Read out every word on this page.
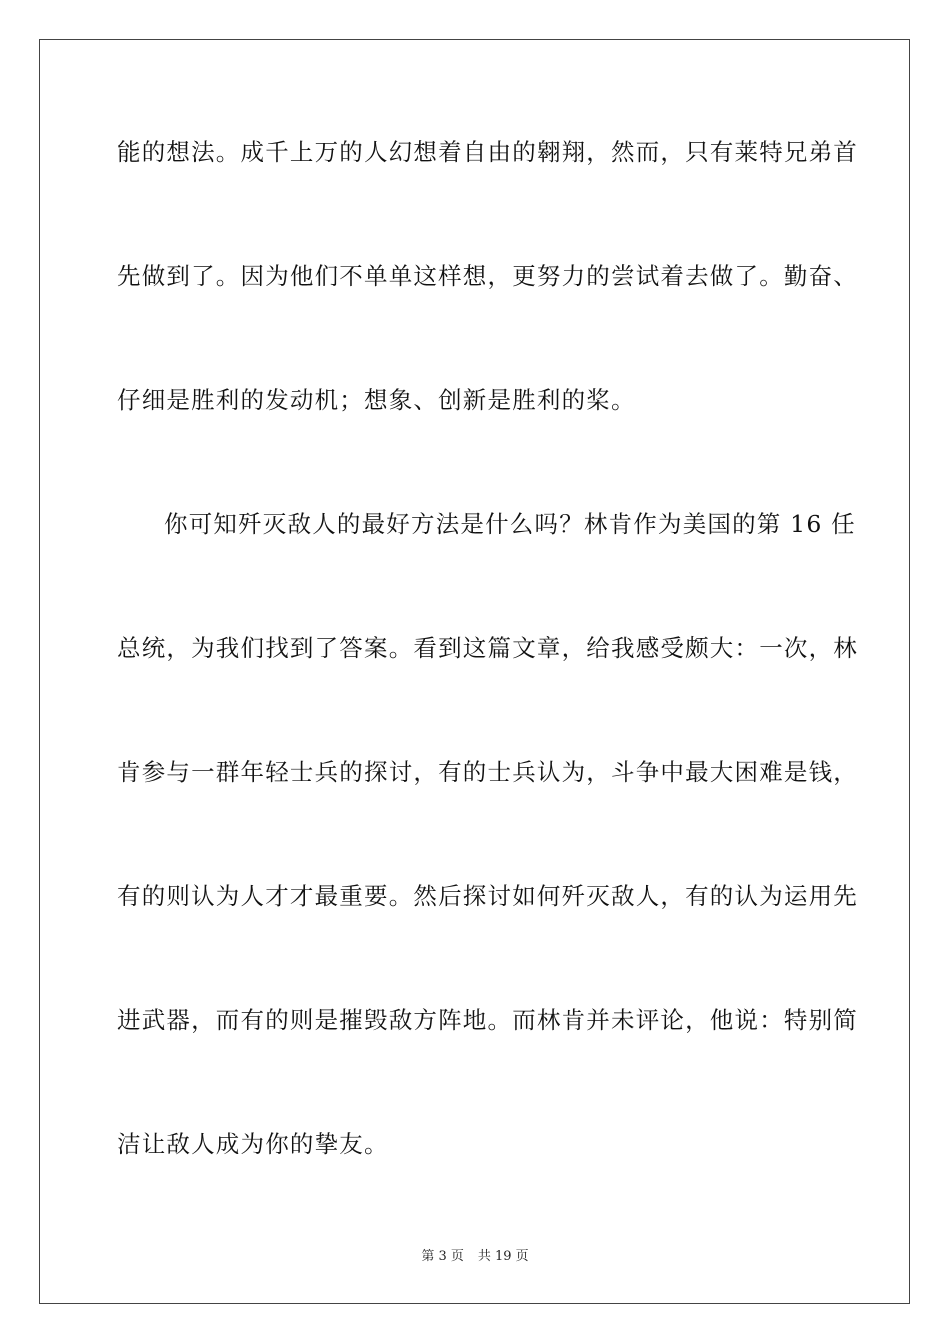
能的想法。成千上万的人幻想着自由的翱翔，然而，只有莱特兄弟首
先做到了。因为他们不单单这样想，更努力的尝试着去做了。勤奋、
仔细是胜利的发动机；想象、创新是胜利的桨。
你可知歼灭敌人的最好方法是什么吗？林肯作为美国的第 16 任
总统，为我们找到了答案。看到这篇文章，给我感受颇大：一次，林
肯参与一群年轻士兵的探讨，有的士兵认为，斗争中最大困难是钱，
有的则认为人才才最重要。然后探讨如何歼灭敌人，有的认为运用先
进武器，而有的则是摧毁敌方阵地。而林肯并未评论，他说：特别简
洁让敌人成为你的挚友。
第 3 页 共 19 页
